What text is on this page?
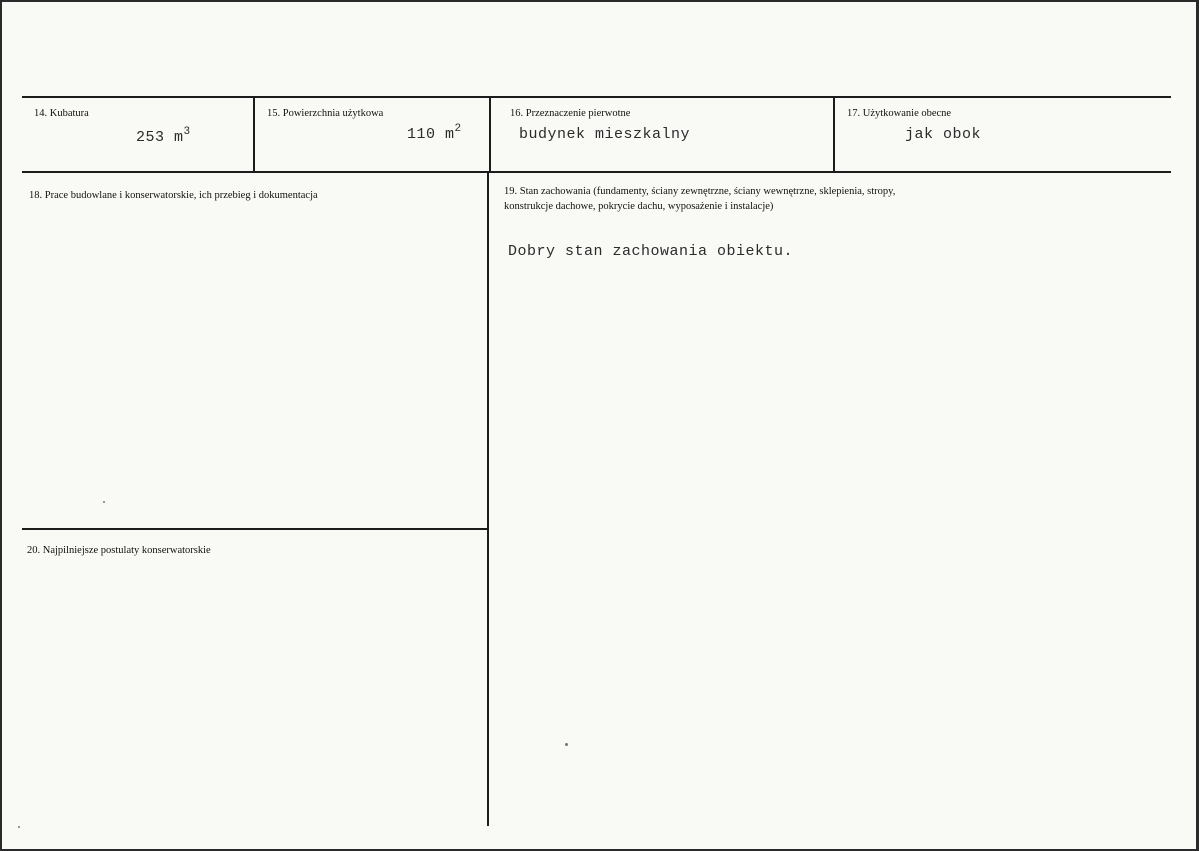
14. Kubatura
253 $m^3$
15. Powierzchnia użytkowa
110 $m^2$
16. Przeznaczenie pierwotne
budynek mieszkalny
17. Użytkowanie obecne
jak obok
18. Prace budowlane i konserwatorskie, ich przebieg i dokumentacja	19. Stan zachowania (fundamenty, ściany zewnętrzne, ściany wewnętrzne, sklepienia, stropy,
konstrukcje dachowe, pokrycie dachu, wyposażenie i instalacje)
Dobry stan zachowania obiektu.
20. Najpilniejsze postulaty konserwatorskie
